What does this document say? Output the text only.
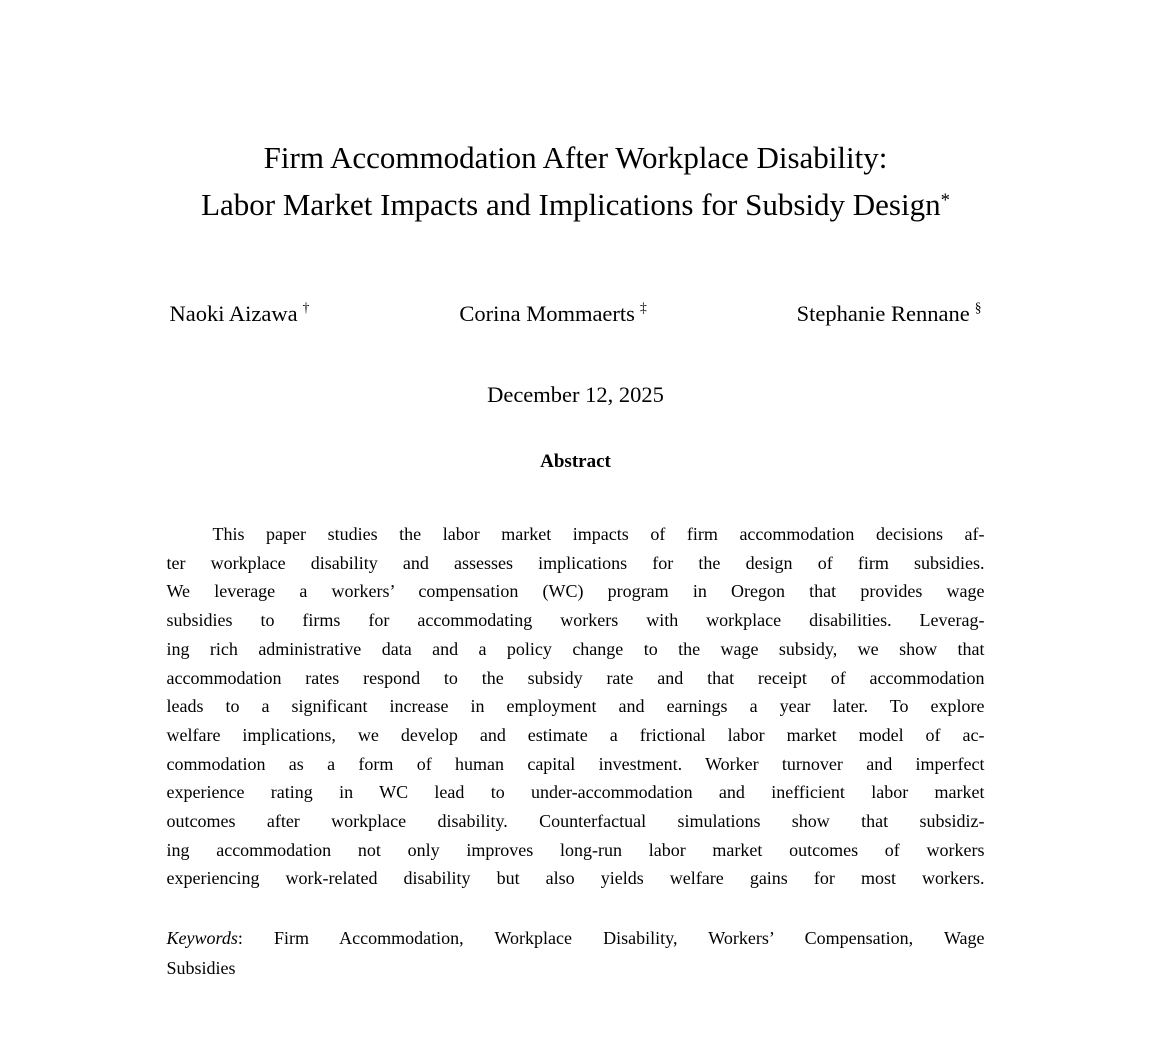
Firm Accommodation After Workplace Disability:
Labor Market Impacts and Implications for Subsidy Design*
Naoki Aizawa †	Corina Mommaerts ‡	Stephanie Rennane §
December 12, 2025
Abstract
This paper studies the labor market impacts of firm accommodation decisions af-
ter workplace disability and assesses implications for the design of firm subsidies.
We leverage a workers’ compensation (WC) program in Oregon that provides wage
subsidies to firms for accommodating workers with workplace disabilities. Leverag-
ing rich administrative data and a policy change to the wage subsidy, we show that
accommodation rates respond to the subsidy rate and that receipt of accommodation
leads to a significant increase in employment and earnings a year later. To explore
welfare implications, we develop and estimate a frictional labor market model of ac-
commodation as a form of human capital investment. Worker turnover and imperfect
experience rating in WC lead to under-accommodation and inefficient labor market
outcomes after workplace disability. Counterfactual simulations show that subsidiz-
ing accommodation not only improves long-run labor market outcomes of workers
experiencing work-related disability but also yields welfare gains for most workers.
Keywords: Firm Accommodation, Workplace Disability, Workers’ Compensation, Wage
Subsidies
